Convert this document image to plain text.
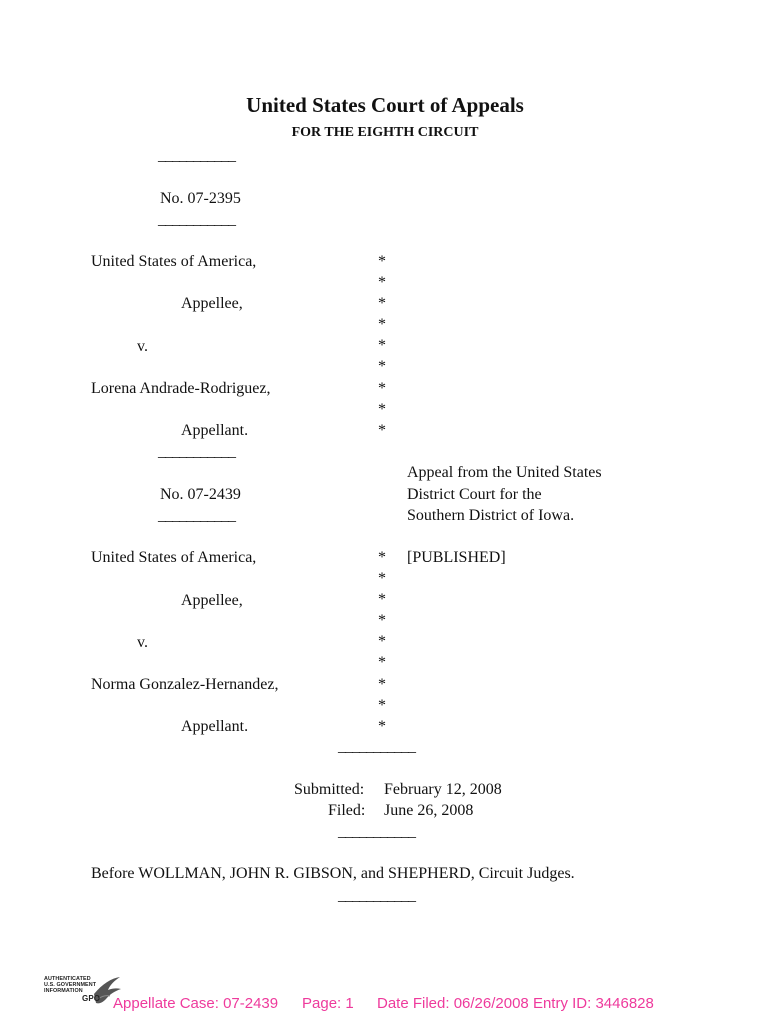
United States Court of Appeals
FOR THE EIGHTH CIRCUIT
___________
No. 07-2395
___________
United States of America,
Appellee,
v.
Lorena Andrade-Rodriguez,
Appellant.
*
*
*
*
*
*
*
*
*
___________
Appeal from the United States
District Court for the
Southern District of Iowa.
No. 07-2439
___________
United States of America,	[PUBLISHED]
Appellee,
v.
Norma Gonzalez-Hernandez,
Appellant.
*
*
*
*
*
*
*
*
*
___________
Submitted: February 12, 2008
Filed: June 26, 2008
___________
Before WOLLMAN, JOHN R. GIBSON, and SHEPHERD, Circuit Judges.
___________
AUTHENTICATED
U.S. GOVERNMENT
INFORMATION
GPO Appellate Case: 07-2439 Page: 1 Date Filed: 06/26/2008 Entry ID: 3446828
